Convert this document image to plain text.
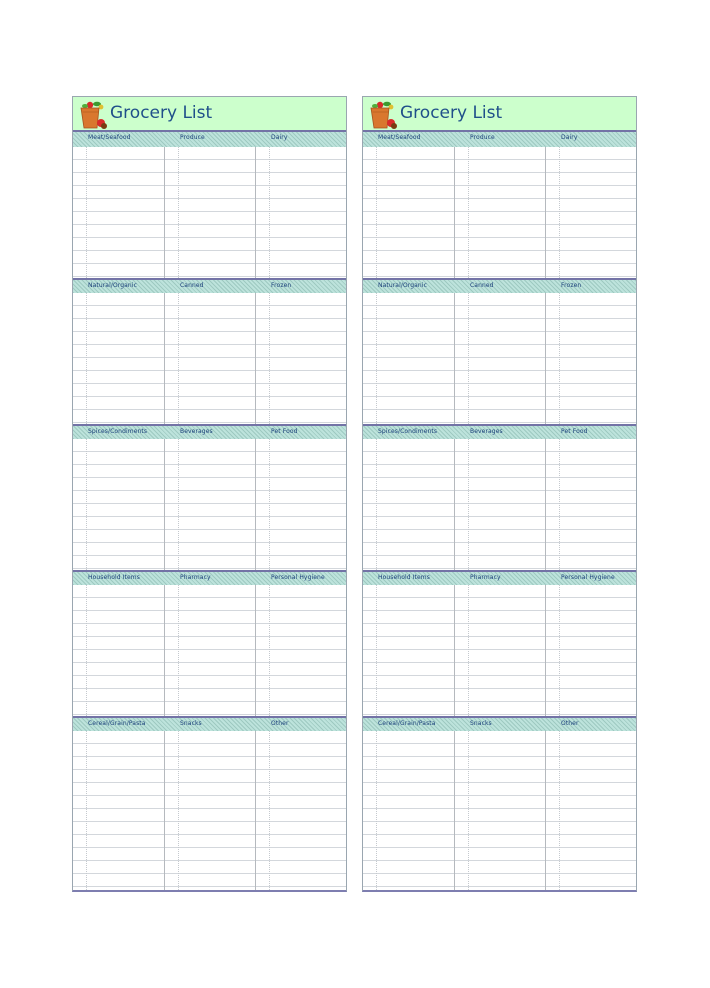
Grocery List
Meat/Seafood	Produce	Dairy
Natural/Organic	Canned	Frozen
Spices/Condiments	Beverages	Pet Food
Household Items	Pharmacy	Personal Hygiene
Cereal/Grain/Pasta	Snacks	Other
Grocery List
Meat/Seafood	Produce	Dairy
Natural/Organic	Canned	Frozen
Spices/Condiments	Beverages	Pet Food
Household Items	Pharmacy	Personal Hygiene
Cereal/Grain/Pasta	Snacks	Other
